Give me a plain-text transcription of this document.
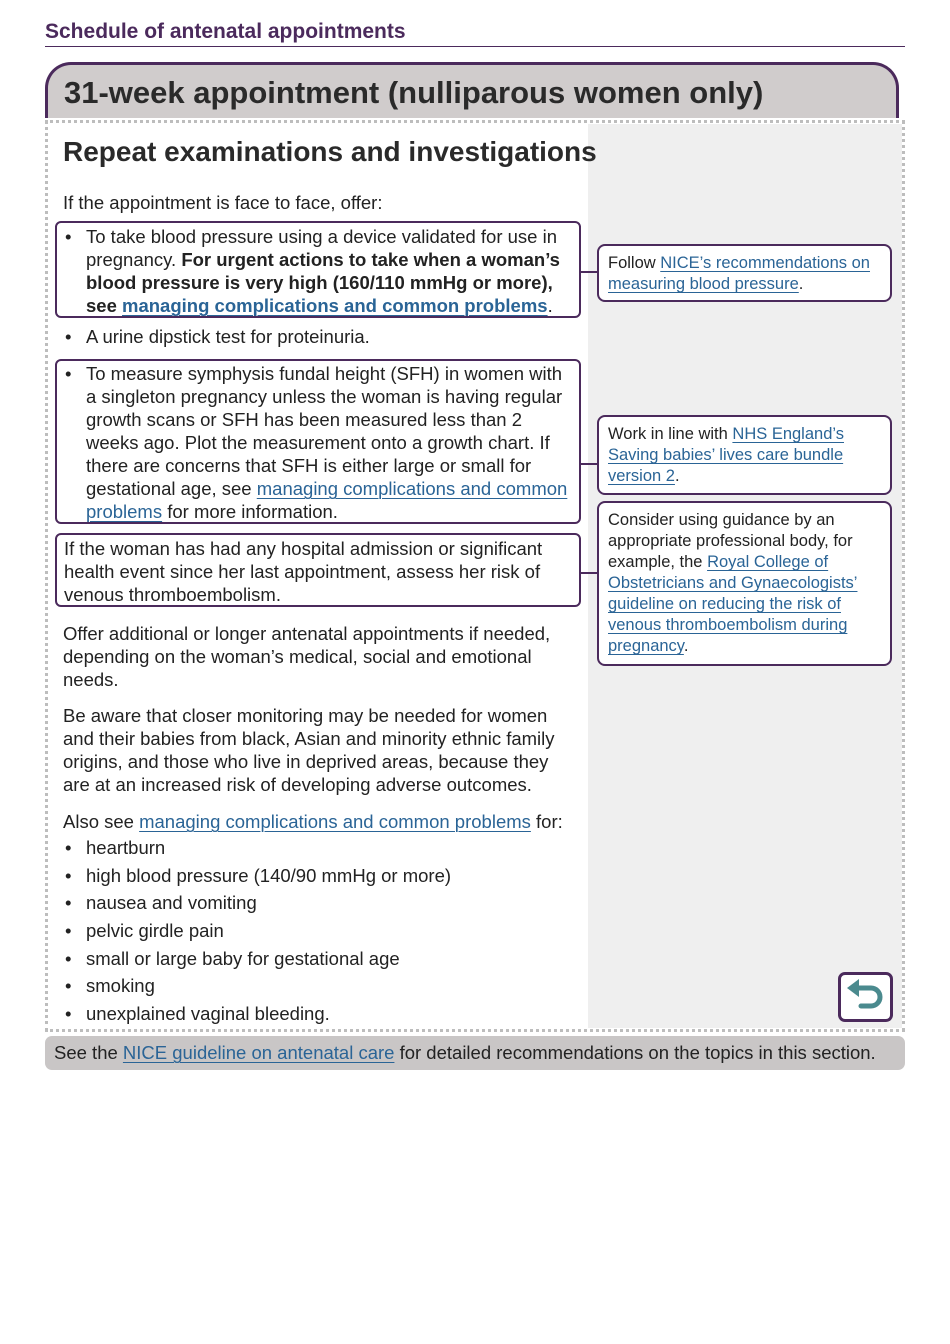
Schedule of antenatal appointments
31-week appointment (nulliparous women only)
Repeat examinations and investigations
If the appointment is face to face, offer:
• To take blood pressure using a device validated for use in pregnancy. For urgent actions to take when a woman’s blood pressure is very high (160/110 mmHg or more), see managing complications and common problems.
• A urine dipstick test for proteinuria.
• To measure symphysis fundal height (SFH) in women with a singleton pregnancy unless the woman is having regular growth scans or SFH has been measured less than 2 weeks ago. Plot the measurement onto a growth chart. If there are concerns that SFH is either large or small for gestational age, see managing complications and common problems for more information.
If the woman has had any hospital admission or significant health event since her last appointment, assess her risk of venous thromboembolism.
Offer additional or longer antenatal appointments if needed, depending on the woman’s medical, social and emotional needs.
Be aware that closer monitoring may be needed for women and their babies from black, Asian and minority ethnic family origins, and those who live in deprived areas, because they are at an increased risk of developing adverse outcomes.
Also see managing complications and common problems for:
• heartburn
• high blood pressure (140/90 mmHg or more)
• nausea and vomiting
• pelvic girdle pain
• small or large baby for gestational age
• smoking
• unexplained vaginal bleeding.
Follow NICE’s recommendations on measuring blood pressure.
Work in line with NHS England’s Saving babies’ lives care bundle version 2.
Consider using guidance by an appropriate professional body, for example, the Royal College of Obstetricians and Gynaecologists’ guideline on reducing the risk of venous thromboembolism during pregnancy.
See the NICE guideline on antenatal care for detailed recommendations on the topics in this section.
